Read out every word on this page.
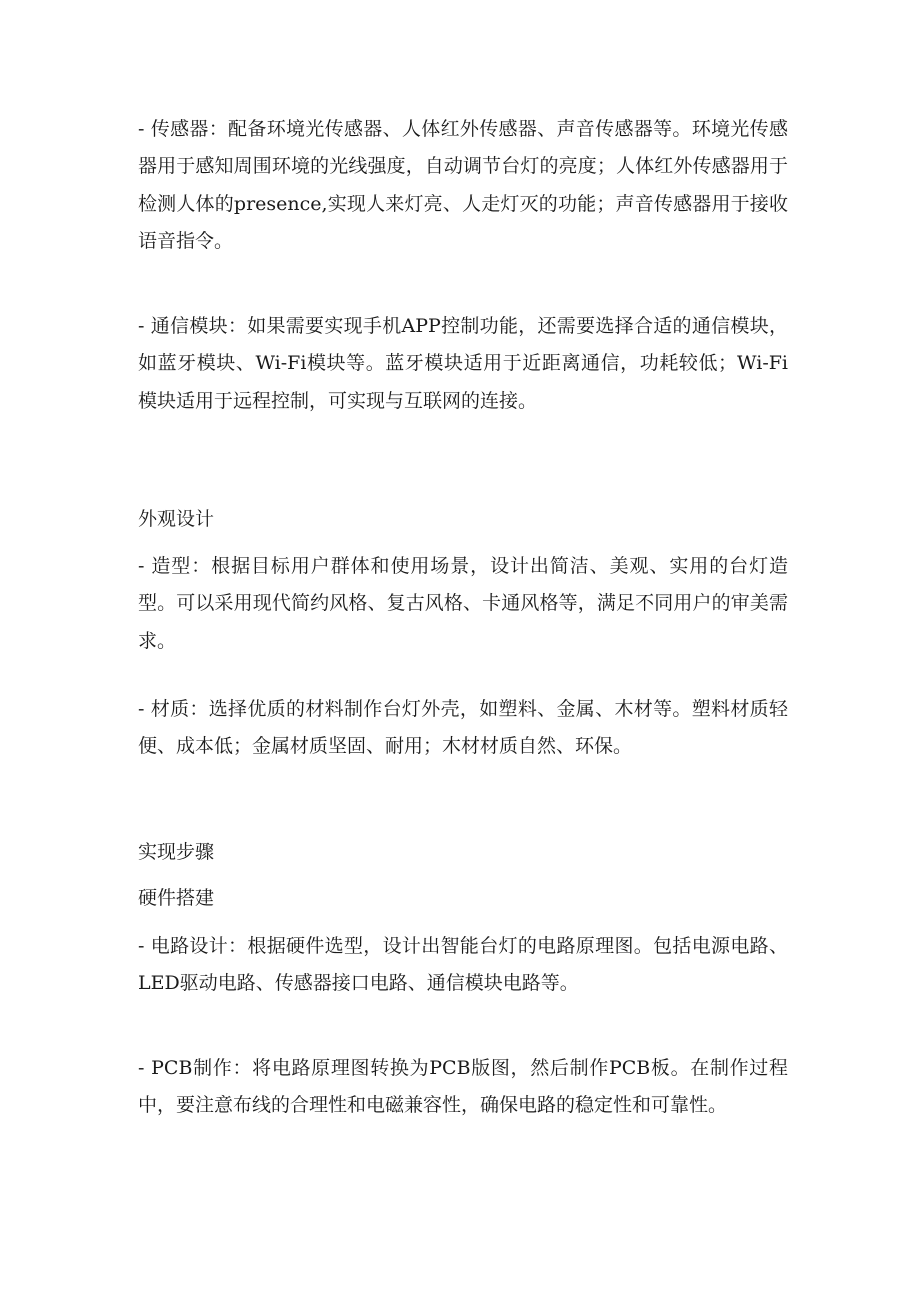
- 传感器：配备环境光传感器、人体红外传感器、声音传感器等。环境光传感器用于感知周围环境的光线强度，自动调节台灯的亮度；人体红外传感器用于检测人体的presence,实现人来灯亮、人走灯灭的功能；声音传感器用于接收语音指令。

- 通信模块：如果需要实现手机APP控制功能，还需要选择合适的通信模块，如蓝牙模块、Wi-Fi模块等。蓝牙模块适用于近距离通信，功耗较低；Wi-Fi模块适用于远程控制，可实现与互联网的连接。

外观设计

- 造型：根据目标用户群体和使用场景，设计出简洁、美观、实用的台灯造型。可以采用现代简约风格、复古风格、卡通风格等，满足不同用户的审美需求。

- 材质：选择优质的材料制作台灯外壳，如塑料、金属、木材等。塑料材质轻便、成本低；金属材质坚固、耐用；木材材质自然、环保。

实现步骤
硬件搭建

- 电路设计：根据硬件选型，设计出智能台灯的电路原理图。包括电源电路、LED驱动电路、传感器接口电路、通信模块电路等。

- PCB制作：将电路原理图转换为PCB版图，然后制作PCB板。在制作过程中，要注意布线的合理性和电磁兼容性，确保电路的稳定性和可靠性。
